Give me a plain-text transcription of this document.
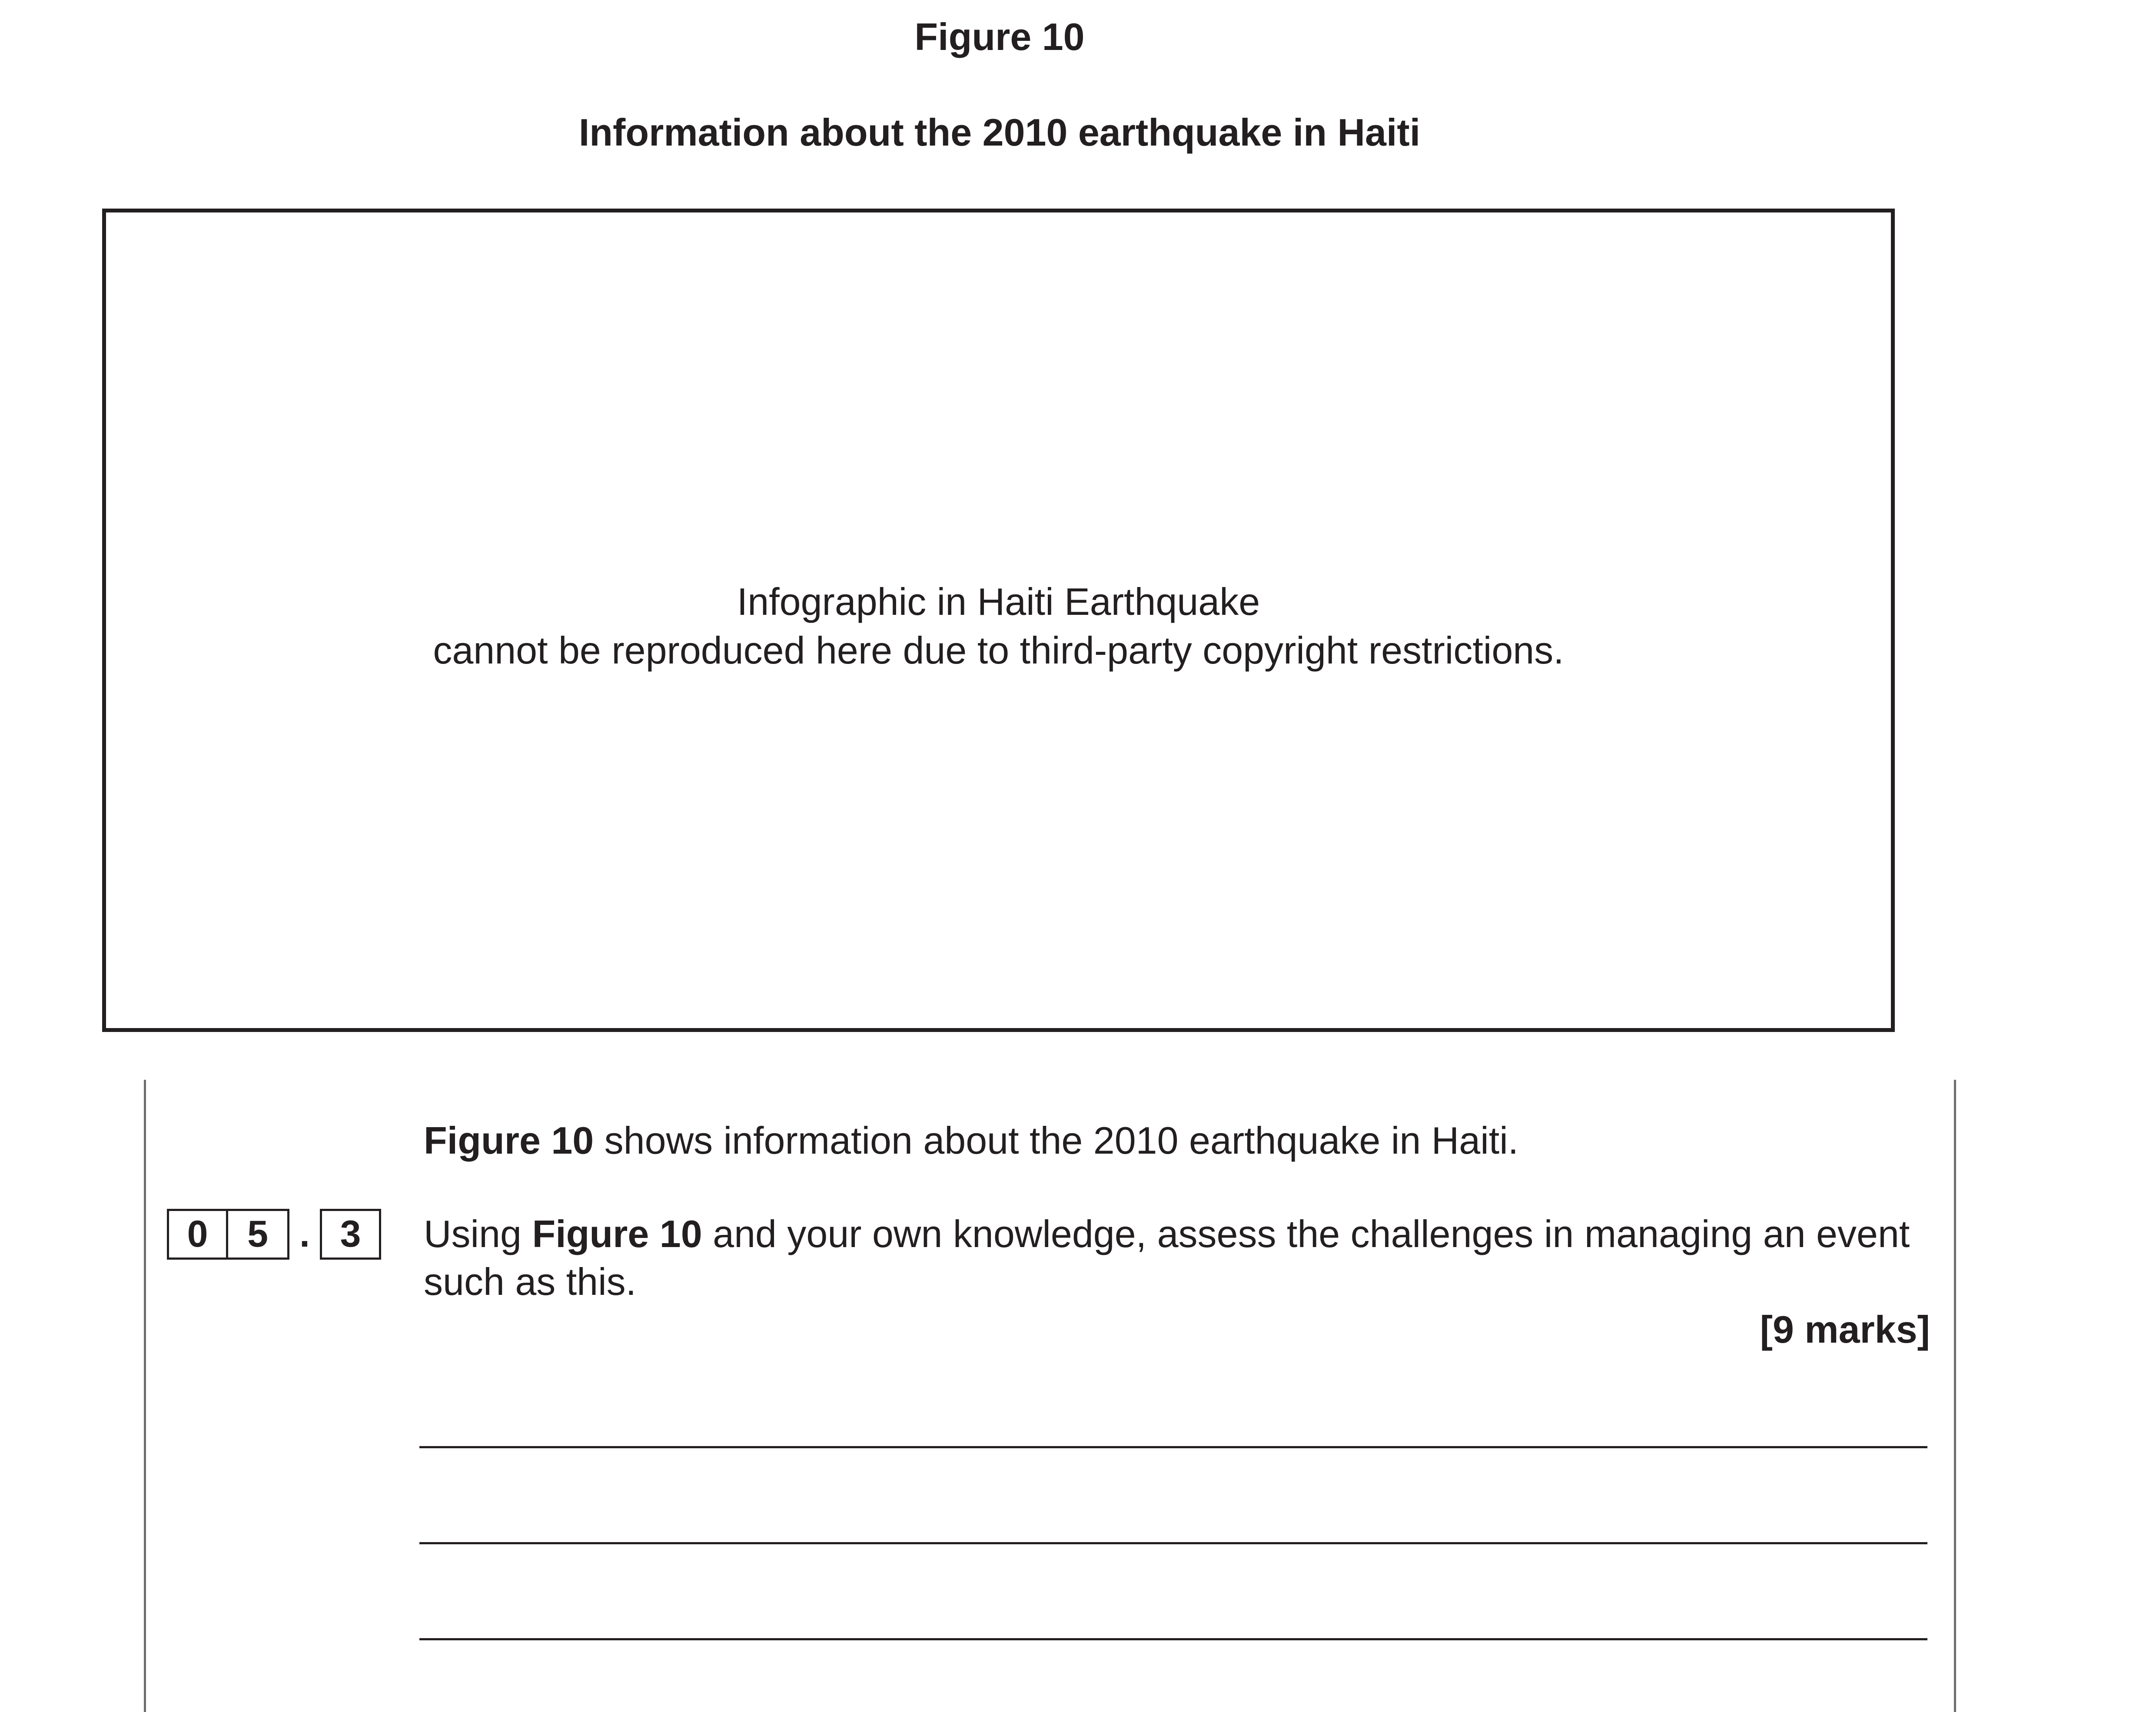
Figure 10
Information about the 2010 earthquake in Haiti
Infographic in Haiti Earthquake
cannot be reproduced here due to third-party copyright restrictions.
Figure 10 shows information about the 2010 earthquake in Haiti.
0	5 . 3	Using Figure 10 and your own knowledge, assess the challenges in managing an event such as this.
[9 marks]
